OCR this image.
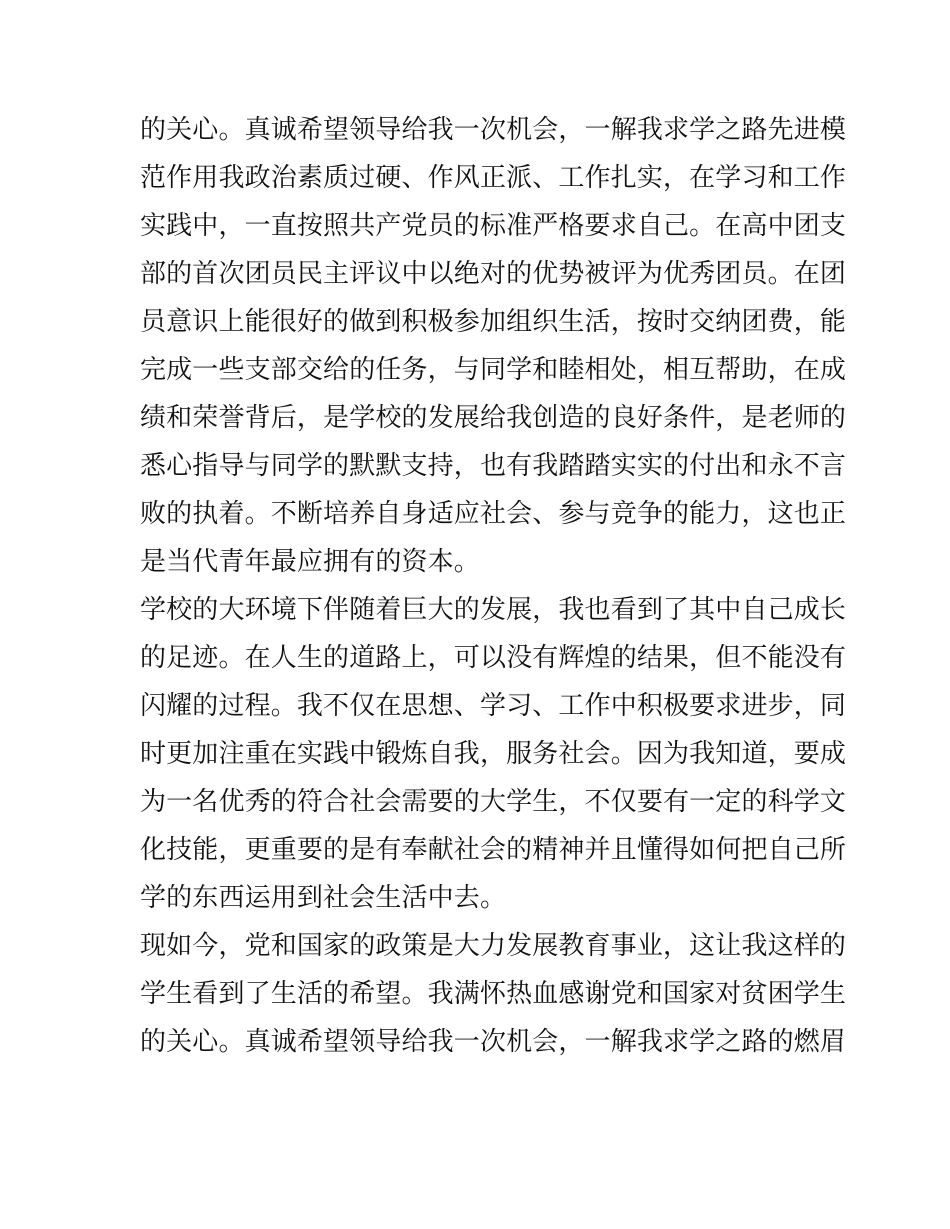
的关心。真诚希望领导给我一次机会，一解我求学之路先进模
范作用我政治素质过硬、作风正派、工作扎实，在学习和工作
实践中，一直按照共产党员的标准严格要求自己。在高中团支
部的首次团员民主评议中以绝对的优势被评为优秀团员。在团
员意识上能很好的做到积极参加组织生活，按时交纳团费，能
完成一些支部交给的任务，与同学和睦相处，相互帮助，在成
绩和荣誉背后，是学校的发展给我创造的良好条件，是老师的
悉心指导与同学的默默支持，也有我踏踏实实的付出和永不言
败的执着。不断培养自身适应社会、参与竞争的能力，这也正
是当代青年最应拥有的资本。
学校的大环境下伴随着巨大的发展，我也看到了其中自己成长
的足迹。在人生的道路上，可以没有辉煌的结果，但不能没有
闪耀的过程。我不仅在思想、学习、工作中积极要求进步，同
时更加注重在实践中锻炼自我，服务社会。因为我知道，要成
为一名优秀的符合社会需要的大学生，不仅要有一定的科学文
化技能，更重要的是有奉献社会的精神并且懂得如何把自己所
学的东西运用到社会生活中去。
现如今，党和国家的政策是大力发展教育事业，这让我这样的
学生看到了生活的希望。我满怀热血感谢党和国家对贫困学生
的关心。真诚希望领导给我一次机会，一解我求学之路的燃眉
